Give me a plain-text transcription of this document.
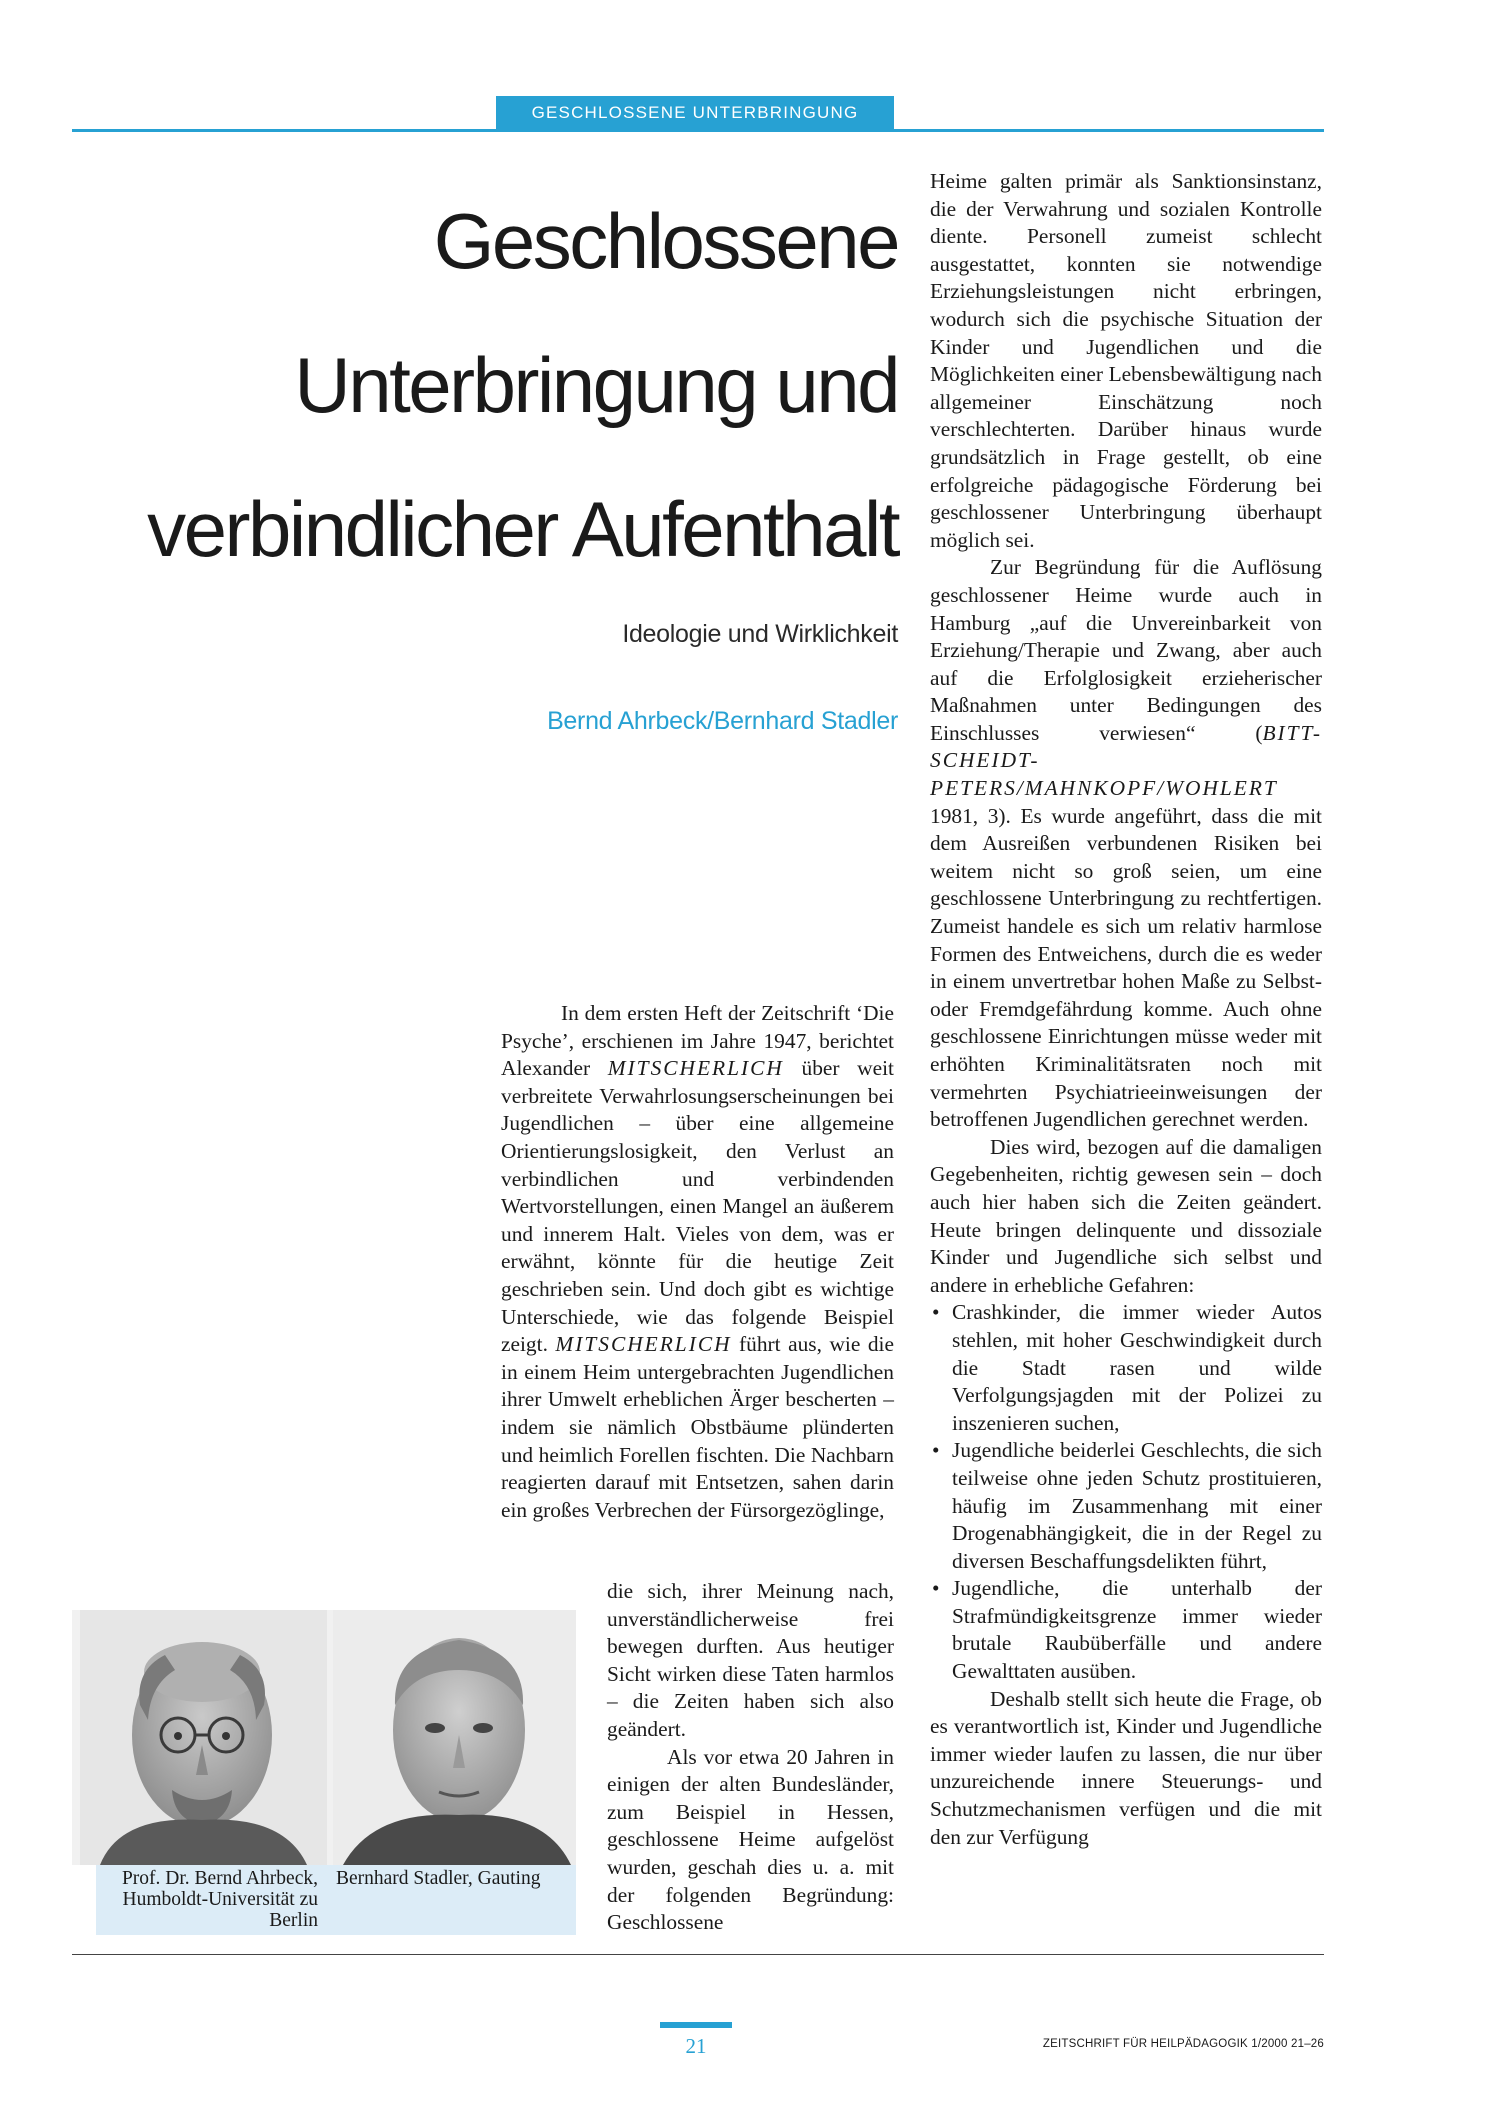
GESCHLOSSENE UNTERBRINGUNG
Geschlossene
Unterbringung und
verbindlicher Aufenthalt
Ideologie und Wirklichkeit
Bernd Ahrbeck/Bernhard Stadler

In dem ersten Heft der Zeitschrift ‘Die Psyche’, erschienen im Jahre 1947, berichtet Alexander MITSCHERLICH über weit verbreitete Verwahrlosungserscheinungen bei Jugendlichen – über eine allgemeine Orientierungslosigkeit, den Verlust an verbindlichen und verbindenden Wertvorstellungen, einen Mangel an äußerem und innerem Halt. Vieles von dem, was er erwähnt, könnte für die heutige Zeit geschrieben sein. Und doch gibt es wichtige Unterschiede, wie das folgende Beispiel zeigt. MITSCHERLICH führt aus, wie die in einem Heim untergebrachten Jugendlichen ihrer Umwelt erheblichen Ärger bescherten – indem sie nämlich Obstbäume plünderten und heimlich Forellen fischten. Die Nachbarn reagierten darauf mit Entsetzen, sahen darin ein großes Verbrechen der Fürsorgezöglinge,

die sich, ihrer Meinung nach, unverständlicherweise frei bewegen durften. Aus heutiger Sicht wirken diese Taten harmlos – die Zeiten haben sich also geändert.

Als vor etwa 20 Jahren in einigen der alten Bundesländer, zum Beispiel in Hessen, geschlossene Heime aufgelöst wurden, geschah dies u. a. mit der folgenden Begründung: Geschlossene

Heime galten primär als Sanktionsinstanz, die der Verwahrung und sozialen Kontrolle diente. Personell zumeist schlecht ausgestattet, konnten sie notwendige Erziehungsleistungen nicht erbringen, wodurch sich die psychische Situation der Kinder und Jugendlichen und die Möglichkeiten einer Lebensbewältigung nach allgemeiner Einschätzung noch verschlechterten. Darüber hinaus wurde grundsätzlich in Frage gestellt, ob eine erfolgreiche pädagogische Förderung bei geschlossener Unterbringung überhaupt möglich sei.

Zur Begründung für die Auflösung geschlossener Heime wurde auch in Hamburg „auf die Unvereinbarkeit von Erziehung/Therapie und Zwang, aber auch auf die Erfolglosigkeit erzieherischer Maßnahmen unter Bedingungen des Einschlusses verwiesen“ (BITT-SCHEIDT-PETERS/MAHNKOPF/WOHLERT 1981, 3). Es wurde angeführt, dass die mit dem Ausreißen verbundenen Risiken bei weitem nicht so groß seien, um eine geschlossene Unterbringung zu rechtfertigen. Zumeist handele es sich um relativ harmlose Formen des Entweichens, durch die es weder in einem unvertretbar hohen Maße zu Selbst- oder Fremdgefährdung komme. Auch ohne geschlossene Einrichtungen müsse weder mit erhöhten Kriminalitätsraten noch mit vermehrten Psychiatrieeinweisungen der betroffenen Jugendlichen gerechnet werden.

Dies wird, bezogen auf die damaligen Gegebenheiten, richtig gewesen sein – doch auch hier haben sich die Zeiten geändert. Heute bringen delinquente und dissoziale Kinder und Jugendliche sich selbst und andere in erhebliche Gefahren:

• Crashkinder, die immer wieder Autos stehlen, mit hoher Geschwindigkeit durch die Stadt rasen und wilde Verfolgungsjagden mit der Polizei zu inszenieren suchen,
• Jugendliche beiderlei Geschlechts, die sich teilweise ohne jeden Schutz prostituieren, häufig im Zusammenhang mit einer Drogenabhängigkeit, die in der Regel zu diversen Beschaffungsdelikten führt,
• Jugendliche, die unterhalb der Strafmündigkeitsgrenze immer wieder brutale Raubüberfälle und andere Gewalttaten ausüben.

Deshalb stellt sich heute die Frage, ob es verantwortlich ist, Kinder und Jugendliche immer wieder laufen zu lassen, die nur über unzureichende innere Steuerungs- und Schutzmechanismen verfügen und die mit den zur Verfügung

Prof. Dr. Bernd Ahrbeck, Humboldt-Universität zu Berlin
Bernhard Stadler, Gauting
21	ZEITSCHRIFT FÜR HEILPÄDAGOGIK 1/2000 21–26
